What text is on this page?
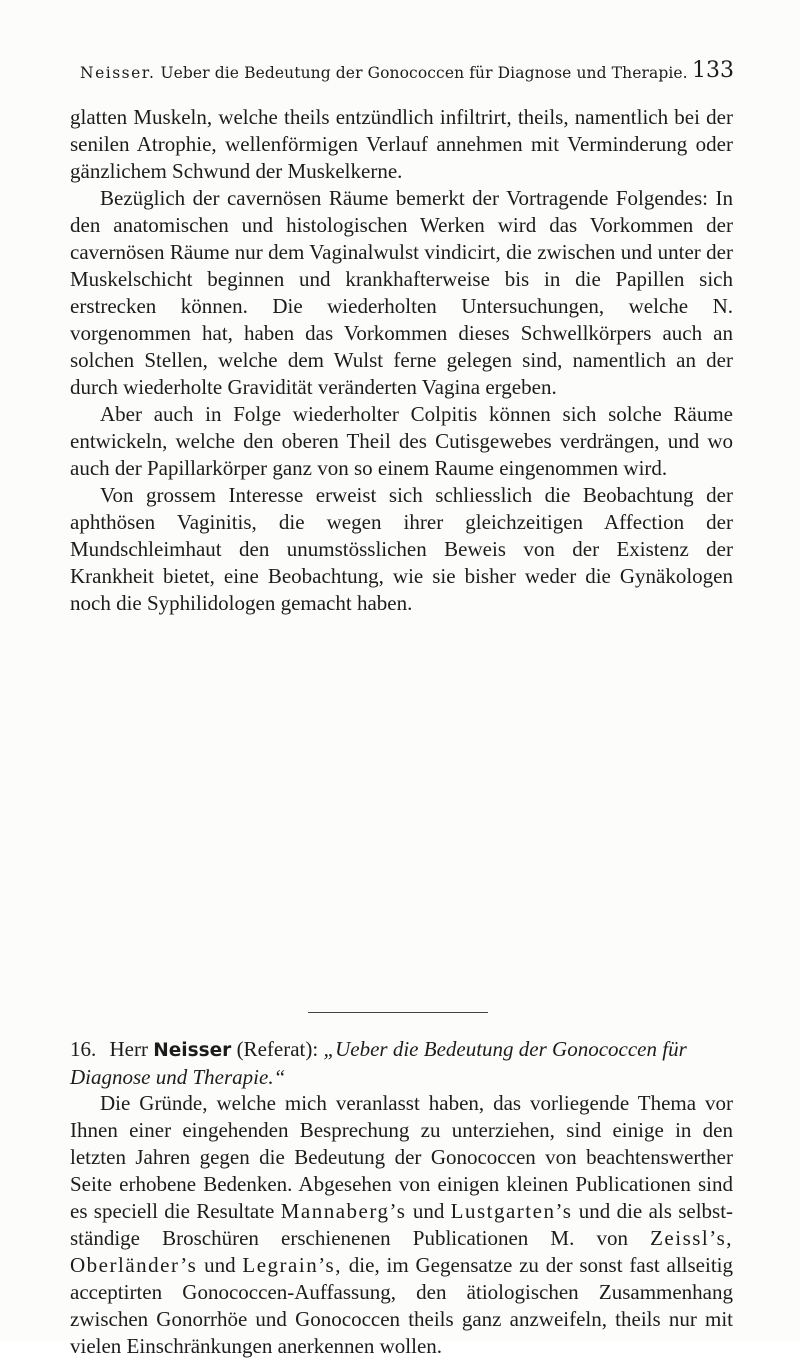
Neisser. Ueber die Bedeutung der Gonococcen für Diagnose und Therapie. 133

glatten Muskeln, welche theils entzündlich infiltrirt, theils, namentlich bei der senilen Atrophie, wellenförmigen Verlauf annehmen mit Verminderung oder gänzlichem Schwund der Muskelkerne.

Bezüglich der cavernösen Räume bemerkt der Vortragende Folgendes: In den anatomischen und histologischen Werken wird das Vorkommen der cavernösen Räume nur dem Vaginalwulst vindicirt, die zwischen und unter der Muskelschicht beginnen und krankhafterweise bis in die Papillen sich erstrecken können. Die wiederholten Untersuchungen, welche N. vorgenommen hat, haben das Vorkommen dieses Schwellkörpers auch an solchen Stellen, welche dem Wulst ferne gelegen sind, namentlich an der durch wiederholte Gravidität veränderten Vagina ergeben.

Aber auch in Folge wiederholter Colpitis können sich solche Räume entwickeln, welche den oberen Theil des Cutisgewebes verdrängen, und wo auch der Papillarkörper ganz von so einem Raume eingenommen wird.

Von grossem Interesse erweist sich schliesslich die Beobachtung der aphthösen Vaginitis, die wegen ihrer gleichzeitigen Affection der Mundschleimhaut den unumstösslichen Beweis von der Existenz der Krankheit bietet, eine Beobachtung, wie sie bisher weder die Gynäkologen noch die Syphilidologen gemacht haben.

16. Herr Neisser (Referat): „Ueber die Bedeutung der Gonococcen für Diagnose und Therapie.“

Die Gründe, welche mich veranlasst haben, das vorliegende Thema vor Ihnen einer eingehenden Besprechung zu unterziehen, sind einige in den letzten Jahren gegen die Bedeutung der Gonococcen von beachtenswerther Seite erhobene Bedenken. Abgesehen von einigen kleinen Publicationen sind es speciell die Resultate Mannaberg’s und Lustgarten’s und die als selbstständige Broschüren erschienenen Publicationen M. von Zeissl’s, Oberländer’s und Legrain’s, die, im Gegensatze zu der sonst fast allseitig acceptirten Gonococcen-Auffassung, den ätiologischen Zusammenhang zwischen Gonorrhöe und Gonococcen theils ganz anzweifeln, theils nur mit vielen Einschränkungen anerkennen wollen.
